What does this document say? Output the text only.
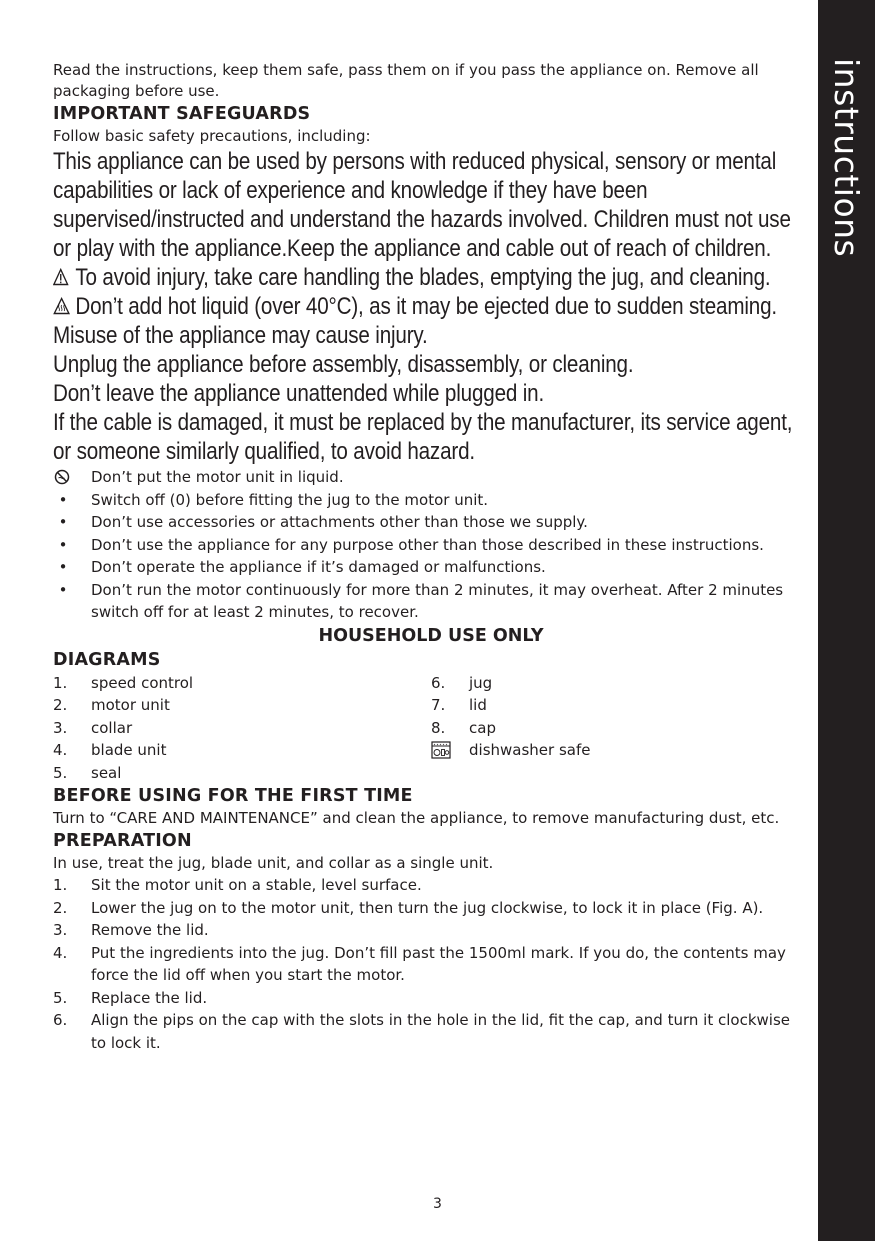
instructions
Read the instructions, keep them safe, pass them on if you pass the appliance on. Remove all packaging before use.
IMPORTANT SAFEGUARDS
Follow basic safety precautions, including:

This appliance can be used by persons with reduced physical, sensory or mental capabilities or lack of experience and knowledge if they have been supervised/instructed and understand the hazards involved. Children must not use or play with the appliance.Keep the appliance and cable out of reach of children.

To avoid injury, take care handling the blades, emptying the jug, and cleaning.

Don’t add hot liquid (over 40°C), as it may be ejected due to sudden steaming.

Misuse of the appliance may cause injury.

Unplug the appliance before assembly, disassembly, or cleaning.

Don’t leave the appliance unattended while plugged in.

If the cable is damaged, it must be replaced by the manufacturer, its service agent, or someone similarly qualified, to avoid hazard.

Don’t put the motor unit in liquid.
•	Switch off (0) before fitting the jug to the motor unit.
•	Don’t use accessories or attachments other than those we supply.
•	Don’t use the appliance for any purpose other than those described in these instructions.
•	Don’t operate the appliance if it’s damaged or malfunctions.
•	Don’t run the motor continuously for more than 2 minutes, it may overheat. After 2 minutes switch off for at least 2 minutes, to recover.
HOUSEHOLD USE ONLY
DIAGRAMS
1.	speed control
2.	motor unit
3.	collar
4.	blade unit
5.	seal
6.	jug
7.	lid
8.	cap
dishwasher safe
BEFORE USING FOR THE FIRST TIME
Turn to “CARE AND MAINTENANCE” and clean the appliance, to remove manufacturing dust, etc.
PREPARATION
In use, treat the jug, blade unit, and collar as a single unit.
1.	Sit the motor unit on a stable, level surface.
2.	Lower the jug on to the motor unit, then turn the jug clockwise, to lock it in place (Fig. A).
3.	Remove the lid.
4.	Put the ingredients into the jug. Don’t fill past the 1500ml mark. If you do, the contents may force the lid off when you start the motor.
5.	Replace the lid.
6.	Align the pips on the cap with the slots in the hole in the lid, fit the cap, and turn it clockwise to lock it.
3
